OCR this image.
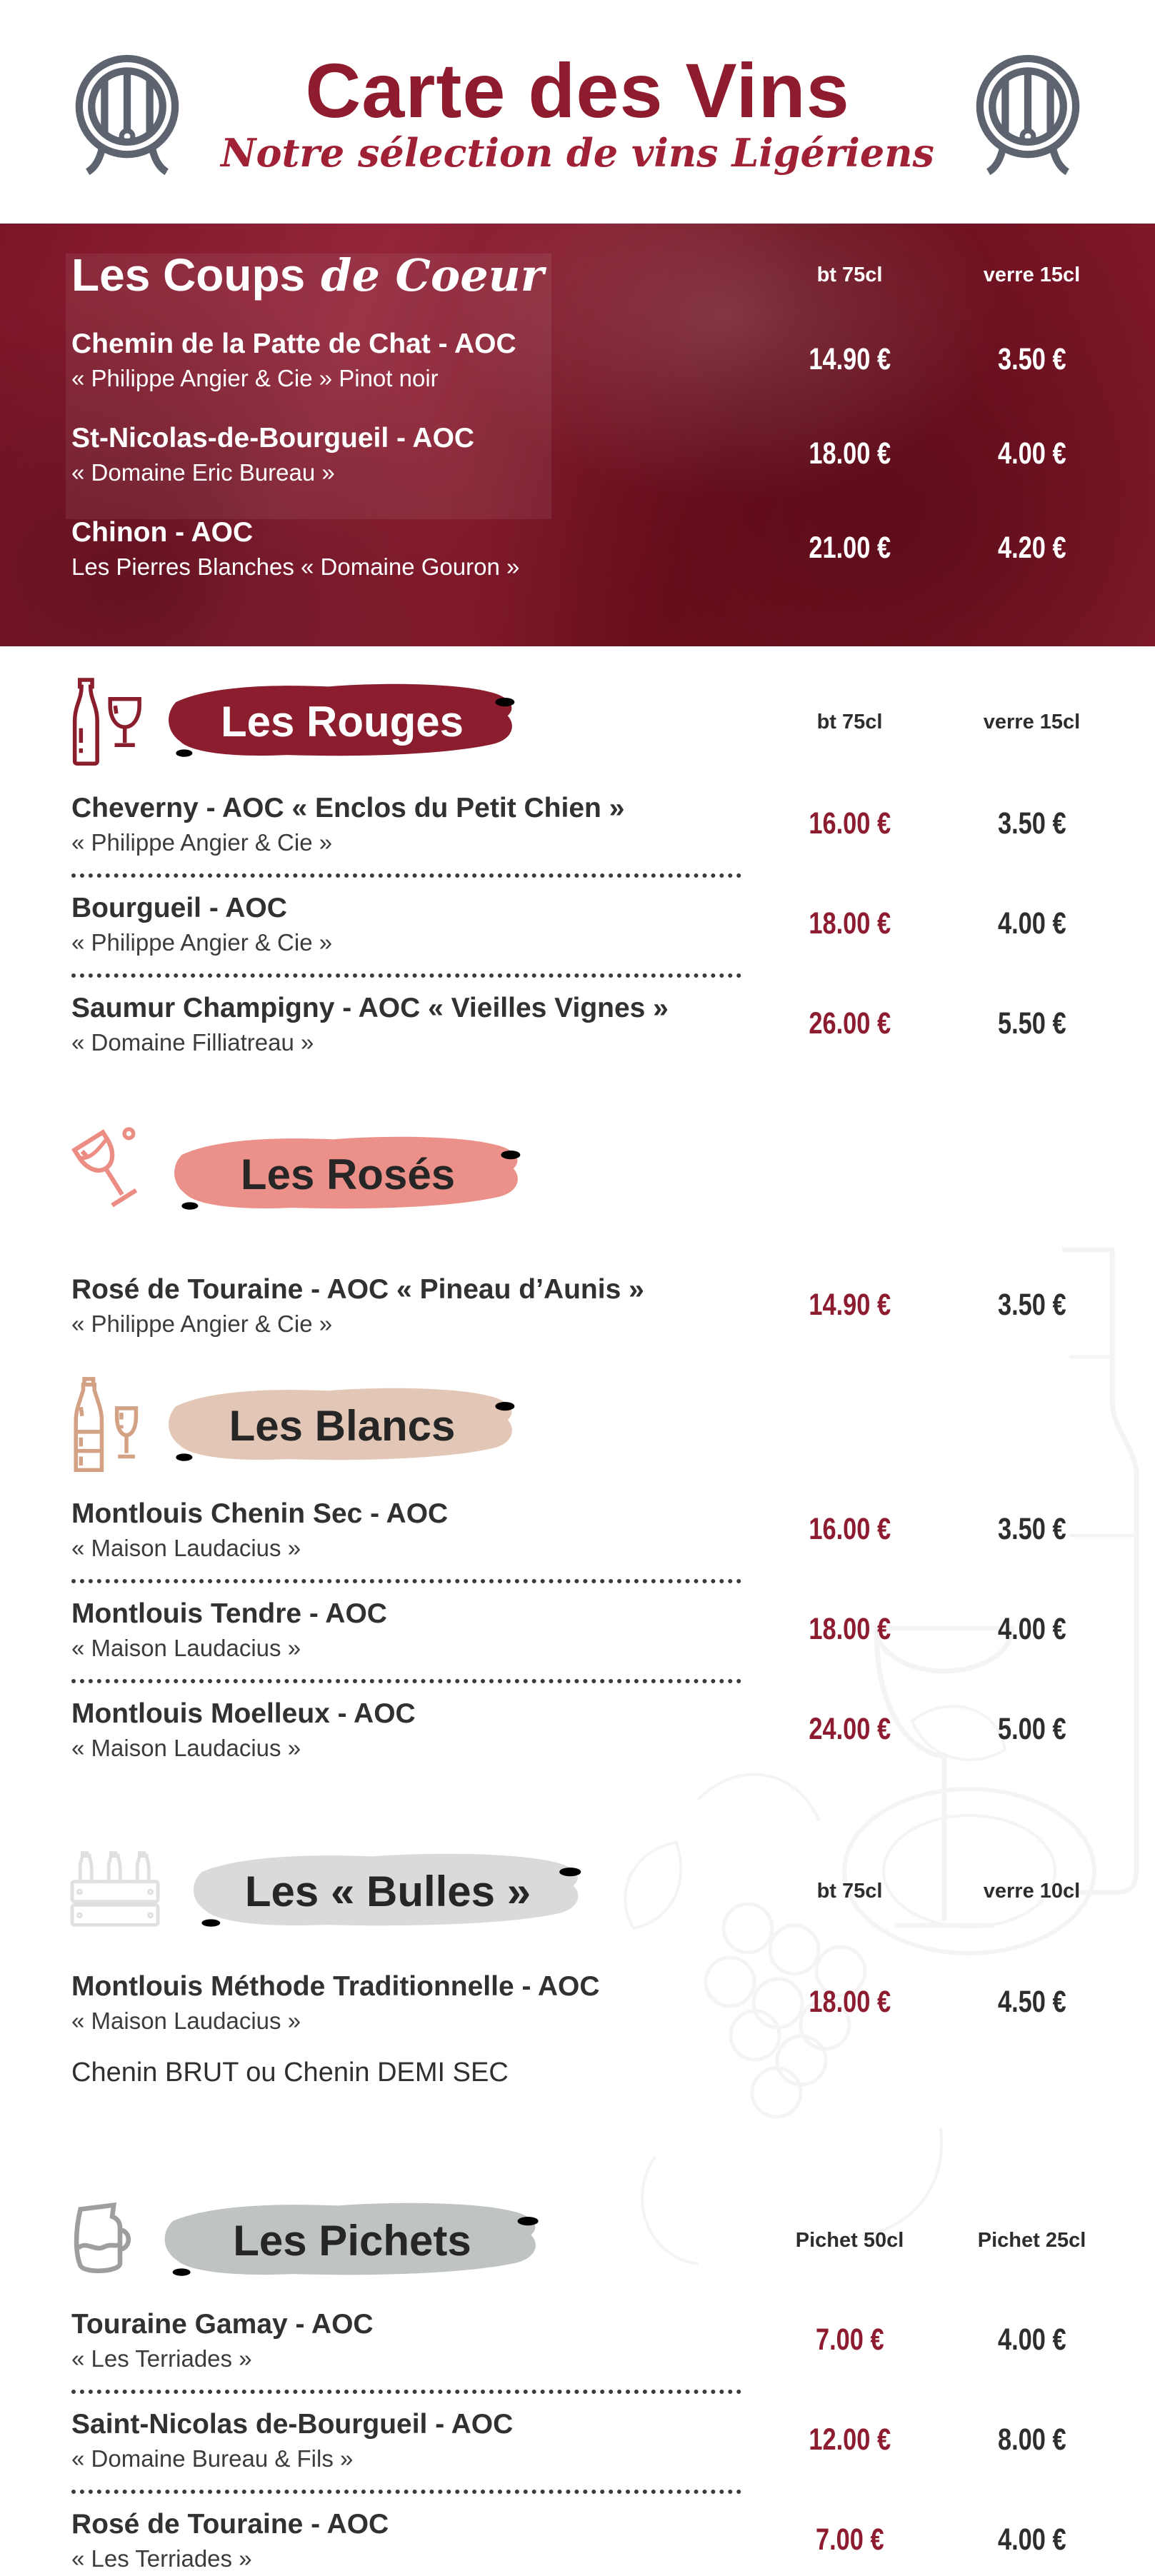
Carte des Vins
Notre sélection de vins Ligériens
Les Coups de Coeur	bt 75cl	verre 15cl
Chemin de la Patte de Chat - AOC
« Philippe Angier & Cie » Pinot noir
14.90 €	3.50 €
St-Nicolas-de-Bourgueil - AOC
« Domaine Eric Bureau »
18.00 €	4.00 €
Chinon - AOC
Les Pierres Blanches « Domaine Gouron »
21.00 €	4.20 €
Les Rouges	bt 75cl	verre 15cl
Cheverny - AOC « Enclos du Petit Chien »
« Philippe Angier & Cie »
16.00 €	3.50 €
Bourgueil - AOC
« Philippe Angier & Cie »
18.00 €	4.00 €
Saumur Champigny - AOC « Vieilles Vignes »
« Domaine Filliatreau »
26.00 €	5.50 €
Les Rosés
Rosé de Touraine - AOC « Pineau d’Aunis »
« Philippe Angier & Cie »
14.90 €	3.50 €
Les Blancs
Montlouis Chenin Sec - AOC
« Maison Laudacius »
16.00 €	3.50 €
Montlouis Tendre - AOC
« Maison Laudacius »
18.00 €	4.00 €
Montlouis Moelleux - AOC
« Maison Laudacius »
24.00 €	5.00 €
Les « Bulles »	bt 75cl	verre 10cl
Montlouis Méthode Traditionnelle - AOC
« Maison Laudacius »
18.00 €	4.50 €
Chenin BRUT ou Chenin DEMI SEC
Les Pichets	Pichet 50cl	Pichet 25cl
Touraine Gamay - AOC
« Les Terriades »
7.00 €	4.00 €
Saint-Nicolas de-Bourgueil - AOC
« Domaine Bureau & Fils »
12.00 €	8.00 €
Rosé de Touraine - AOC
« Les Terriades »
7.00 €	4.00 €
